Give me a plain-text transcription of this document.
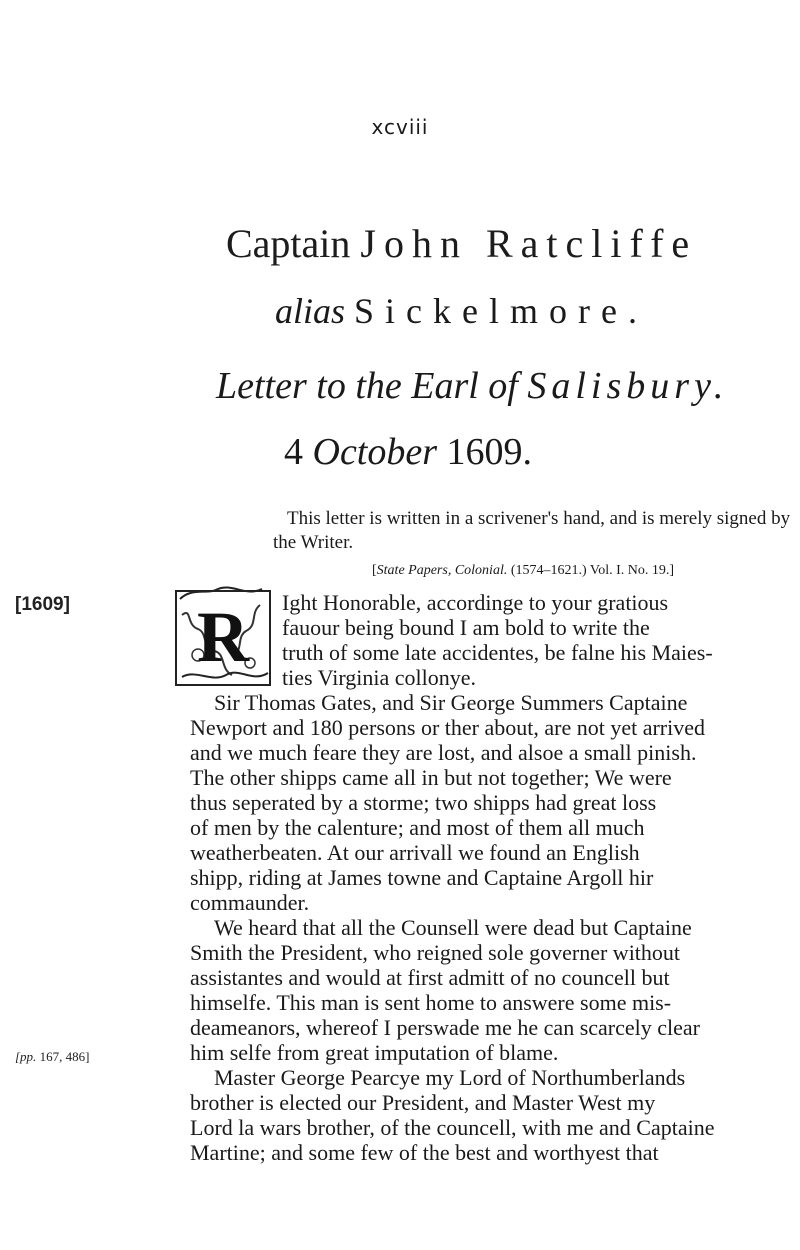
xcviii
Captain John Ratcliffe
alias Sickelmore.
Letter to the Earl of Salisbury.
4 October 1609.
This letter is written in a scrivener's hand, and is merely signed by the Writer.
[State Papers, Colonial. (1574–1621.) Vol. I. No. 19.]
[1609]
[pp. 167, 486]
R Ight Honorable, accordinge to your gratious
fauour being bound I am bold to write the
truth of some late accidentes, be falne his Maies-
ties Virginia collonye.
Sir Thomas Gates, and Sir George Summers Captaine
Newport and 180 persons or ther about, are not yet arrived
and we much feare they are lost, and alsoe a small pinish.
The other shipps came all in but not together; We were
thus seperated by a storme; two shipps had great loss
of men by the calenture; and most of them all much
weatherbeaten. At our arrivall we found an English
shipp, riding at James towne and Captaine Argoll hir
commaunder.
We heard that all the Counsell were dead but Captaine
Smith the President, who reigned sole governer without
assistantes and would at first admitt of no councell but
himselfe. This man is sent home to answere some mis-
deameanors, whereof I perswade me he can scarcely clear
him selfe from great imputation of blame.
Master George Pearcye my Lord of Northumberlands
brother is elected our President, and Master West my
Lord la wars brother, of the councell, with me and Captaine
Martine; and some few of the best and worthyest that
